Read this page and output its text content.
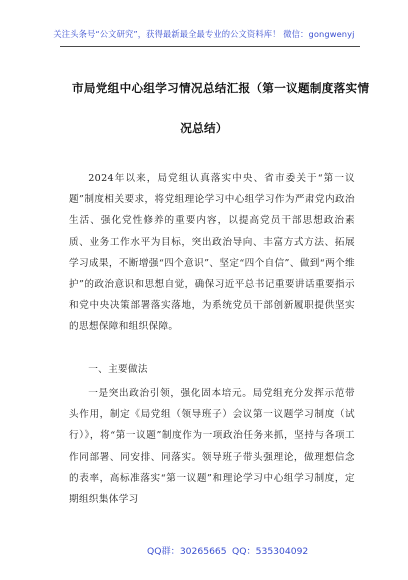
关注头条号“公文研究”，获得最新最全最专业的公文资料库！ 微信：gongwenyj
市局党组中心组学习情况总结汇报（第一议题制度落实情
况总结）

2024年以来，局党组认真落实中央、省市委关于“第一议题”制度相关要求，将党组理论学习中心组学习作为严肃党内政治生活、强化党性修养的重要内容，以提高党员干部思想政治素质、业务工作水平为目标，突出政治导向、丰富方式方法、拓展学习成果，不断增强“四个意识”、坚定“四个自信”、做到“两个维护”的政治意识和思想自觉，确保习近平总书记重要讲话重要指示和党中央决策部署落实落地，为系统党员干部创新履职提供坚实的思想保障和组织保障。

一、主要做法

一是突出政治引领，强化固本培元。局党组充分发挥示范带头作用，制定《局党组（领导班子）会议第一议题学习制度（试行）》，将“第一议题”制度作为一项政治任务来抓，坚持与各项工作同部署、同安排、同落实。领导班子带头强理论，做理想信念的表率，高标准落实“第一议题”和理论学习中心组学习制度，定期组织集体学习

QQ群：30265665 QQ：535304092
